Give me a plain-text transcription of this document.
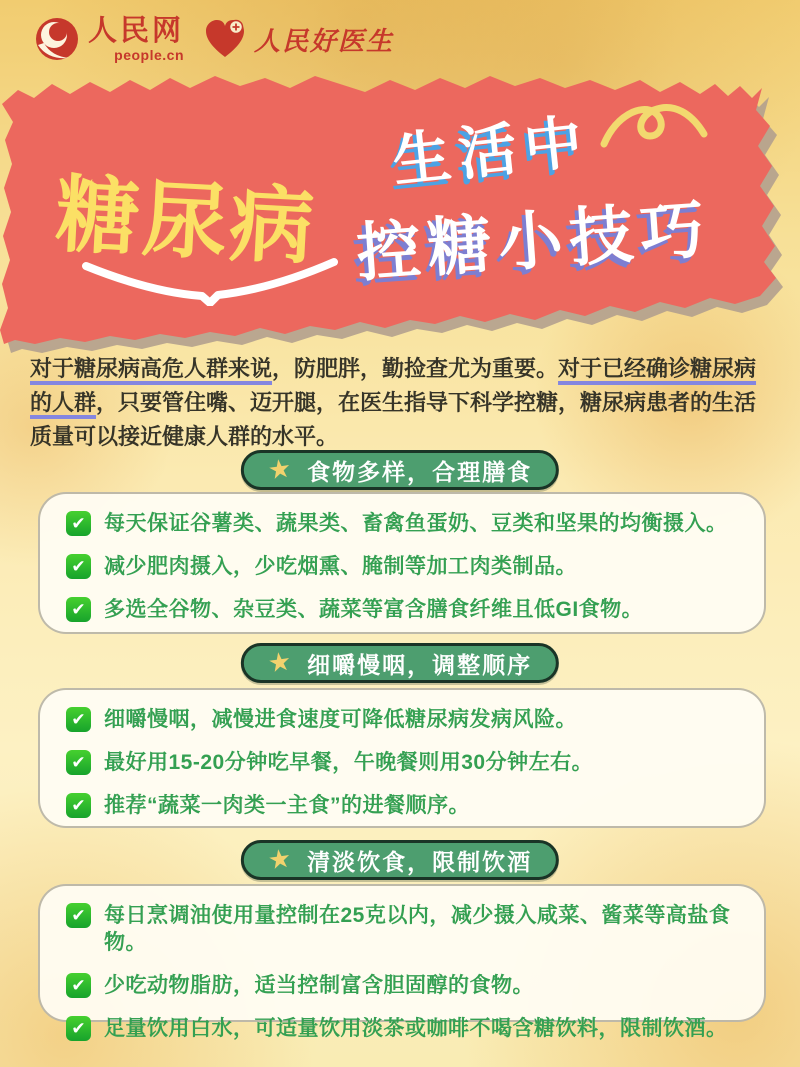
人民网
people.cn	人民好医生
糖尿病
生活中
控糖小技巧

对于糖尿病高危人群来说，防肥胖，勤捡查尤为重要。对于已经确诊糖尿病的人群，只要管住嘴、迈开腿，在医生指导下科学控糖，糖尿病患者的生活质量可以接近健康人群的水平。

★ 食物多样，合理膳食
✔ 每天保证谷薯类、蔬果类、畜禽鱼蛋奶、豆类和坚果的均衡摄入。
✔ 减少肥肉摄入，少吃烟熏、腌制等加工肉类制品。
✔ 多选全谷物、杂豆类、蔬菜等富含膳食纤维且低GI食物。
★ 细嚼慢咽，调整顺序
✔ 细嚼慢咽，减慢进食速度可降低糖尿病发病风险。
✔ 最好用15-20分钟吃早餐，午晚餐则用30分钟左右。
✔ 推荐“蔬菜一肉类一主食”的进餐顺序。
★ 清淡饮食，限制饮酒
✔ 每日烹调油使用量控制在25克以内，减少摄入咸菜、酱菜等高盐食物。
✔ 少吃动物脂肪，适当控制富含胆固醇的食物。
✔ 足量饮用白水，可适量饮用淡茶或咖啡不喝含糖饮料，限制饮酒。
